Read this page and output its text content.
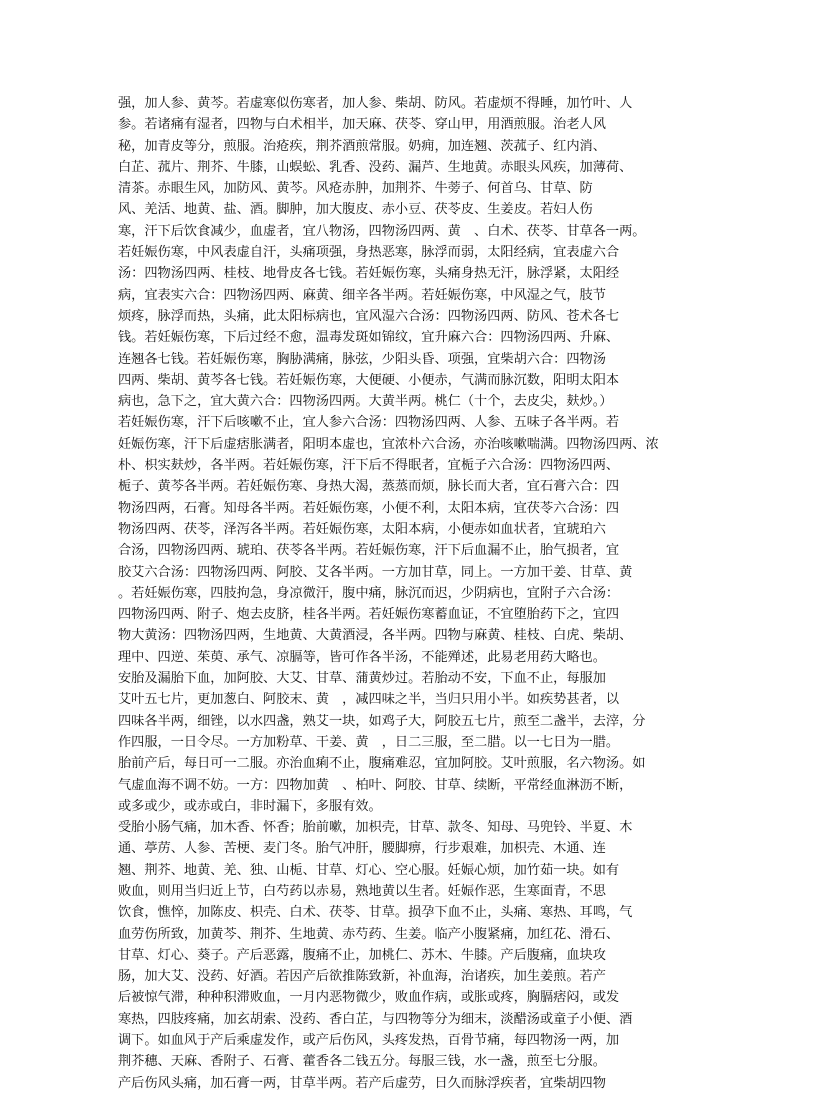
强，加人参、黄芩。若虚寒似伤寒者，加人参、柴胡、防风。若虚烦不得睡，加竹叶、人
参。若诸痛有湿者，四物与白术相半，加天麻、茯苓、穿山甲，用酒煎服。治老人风
秘，加青皮等分，煎服。治疮疾，荆芥酒煎常服。奶痈，加连翘、茨菰子、红内消、
白芷、菰片、荆芥、牛膝，山蜈蚣、乳香、没药、漏芦、生地黄。赤眼头风疾，加薄荷、
清茶。赤眼生风，加防风、黄芩。风疮赤肿，加荆芥、牛蒡子、何首乌、甘草、防
风、羌活、地黄、盐、酒。脚肿，加大腹皮、赤小豆、茯苓皮、生姜皮。若妇人伤
寒，汗下后饮食减少，血虚者，宜八物汤，四物汤四两、黄　、白术、茯苓、甘草各一两。
若妊娠伤寒，中风表虚自汗，头痛项强，身热恶寒，脉浮而弱，太阳经病，宜表虚六合
汤：四物汤四两、桂枝、地骨皮各七钱。若妊娠伤寒，头痛身热无汗，脉浮紧，太阳经
病，宜表实六合：四物汤四两、麻黄、细辛各半两。若妊娠伤寒，中风湿之气，肢节
烦疼，脉浮而热，头痛，此太阳标病也，宜风湿六合汤：四物汤四两、防风、苍术各七
钱。若妊娠伤寒，下后过经不愈，温毒发斑如锦纹，宜升麻六合：四物汤四两、升麻、
连翘各七钱。若妊娠伤寒，胸胁满痛，脉弦，少阳头昏、项强，宜柴胡六合：四物汤
四两、柴胡、黄芩各七钱。若妊娠伤寒，大便硬、小便赤，气满而脉沉数，阳明太阳本
病也，急下之，宜大黄六合：四物汤四两。大黄半两。桃仁（十个，去皮尖，麸炒。）
若妊娠伤寒，汗下后咳嗽不止，宜人参六合汤：四物汤四两、人参、五味子各半两。若
妊娠伤寒，汗下后虚痞胀满者，阳明本虚也，宜浓朴六合汤，亦治咳嗽喘满。四物汤四两、浓
朴、枳实麸炒，各半两。若妊娠伤寒，汗下后不得眠者，宜栀子六合汤：四物汤四两、
栀子、黄芩各半两。若妊娠伤寒、身热大渴，蒸蒸而烦，脉长而大者，宜石膏六合：四
物汤四两，石膏。知母各半两。若妊娠伤寒，小便不利，太阳本病，宜茯苓六合汤：四
物汤四两、茯苓，泽泻各半两。若妊娠伤寒，太阳本病，小便赤如血状者，宜琥珀六
合汤，四物汤四两、琥珀、茯苓各半两。若妊娠伤寒，汗下后血漏不止，胎气损者，宜
胶艾六合汤：四物汤四两、阿胶、艾各半两。一方加甘草，同上。一方加干姜、甘草、黄
。若妊娠伤寒，四肢拘急，身凉微汗，腹中痛，脉沉而迟，少阴病也，宜附子六合汤：
四物汤四两、附子、炮去皮脐，桂各半两。若妊娠伤寒蓄血证，不宜堕胎药下之，宜四
物大黄汤：四物汤四两，生地黄、大黄酒浸，各半两。四物与麻黄、桂枝、白虎、柴胡、
理中、四逆、茱萸、承气、凉膈等，皆可作各半汤，不能殚述，此易老用药大略也。
安胎及漏胎下血，加阿胶、大艾、甘草、蒲黄炒过。若胎动不安，下血不止，每服加
艾叶五七片，更加葱白、阿胶末、黄　，减四味之半，当归只用小半。如疾势甚者，以
四味各半两，细锉，以水四盏，熟艾一块，如鸡子大，阿胶五七片，煎至二盏半，去滓，分
作四服，一日令尽。一方加粉草、干姜、黄　，日二三服，至二腊。以一七日为一腊。
胎前产后，每日可一二服。亦治血痢不止，腹痛难忍，宜加阿胶。艾叶煎服，名六物汤。如
气虚血海不调不妨。一方：四物加黄　、柏叶、阿胶、甘草、续断，平常经血淋沥不断，
或多或少，或赤或白，非时漏下，多服有效。
受胎小肠气痛，加木香、怀香；胎前嗽，加枳壳，甘草、款冬、知母、马兜铃、半夏、木
通、葶苈、人参、苦梗、麦门冬。胎气冲肝，腰脚痹，行步艰难，加枳壳、木通、连
翘、荆芥、地黄、羌、独、山栀、甘草、灯心、空心服。妊娠心烦，加竹茹一块。如有
败血，则用当归近上节，白芍药以赤易，熟地黄以生者。妊娠作恶，生寒面青，不思
饮食，憔悴，加陈皮、枳壳、白术、茯苓、甘草。损孕下血不止，头痛、寒热、耳鸣，气
血劳伤所致，加黄芩、荆芥、生地黄、赤芍药、生姜。临产小腹紧痛，加红花、滑石、
甘草、灯心、葵子。产后恶露，腹痛不止，加桃仁、苏木、牛膝。产后腹痛，血块攻
肠，加大艾、没药、好酒。若因产后欲推陈致新，补血海，治诸疾，加生姜煎。若产
后被惊气滞，种种积滞败血，一月内恶物微少，败血作病，或胀或疼，胸膈痞闷，或发
寒热，四肢疼痛，加玄胡索、没药、香白芷，与四物等分为细末，淡醋汤或童子小便、酒
调下。如血风于产后乘虚发作，或产后伤风，头疼发热，百骨节痛，每四物汤一两，加
荆芥穗、天麻、香附子、石膏、藿香各二钱五分。每服三钱，水一盏，煎至七分服。
产后伤风头痛，加石膏一两，甘草半两。若产后虚劳，日久而脉浮疾者，宜柴胡四物
